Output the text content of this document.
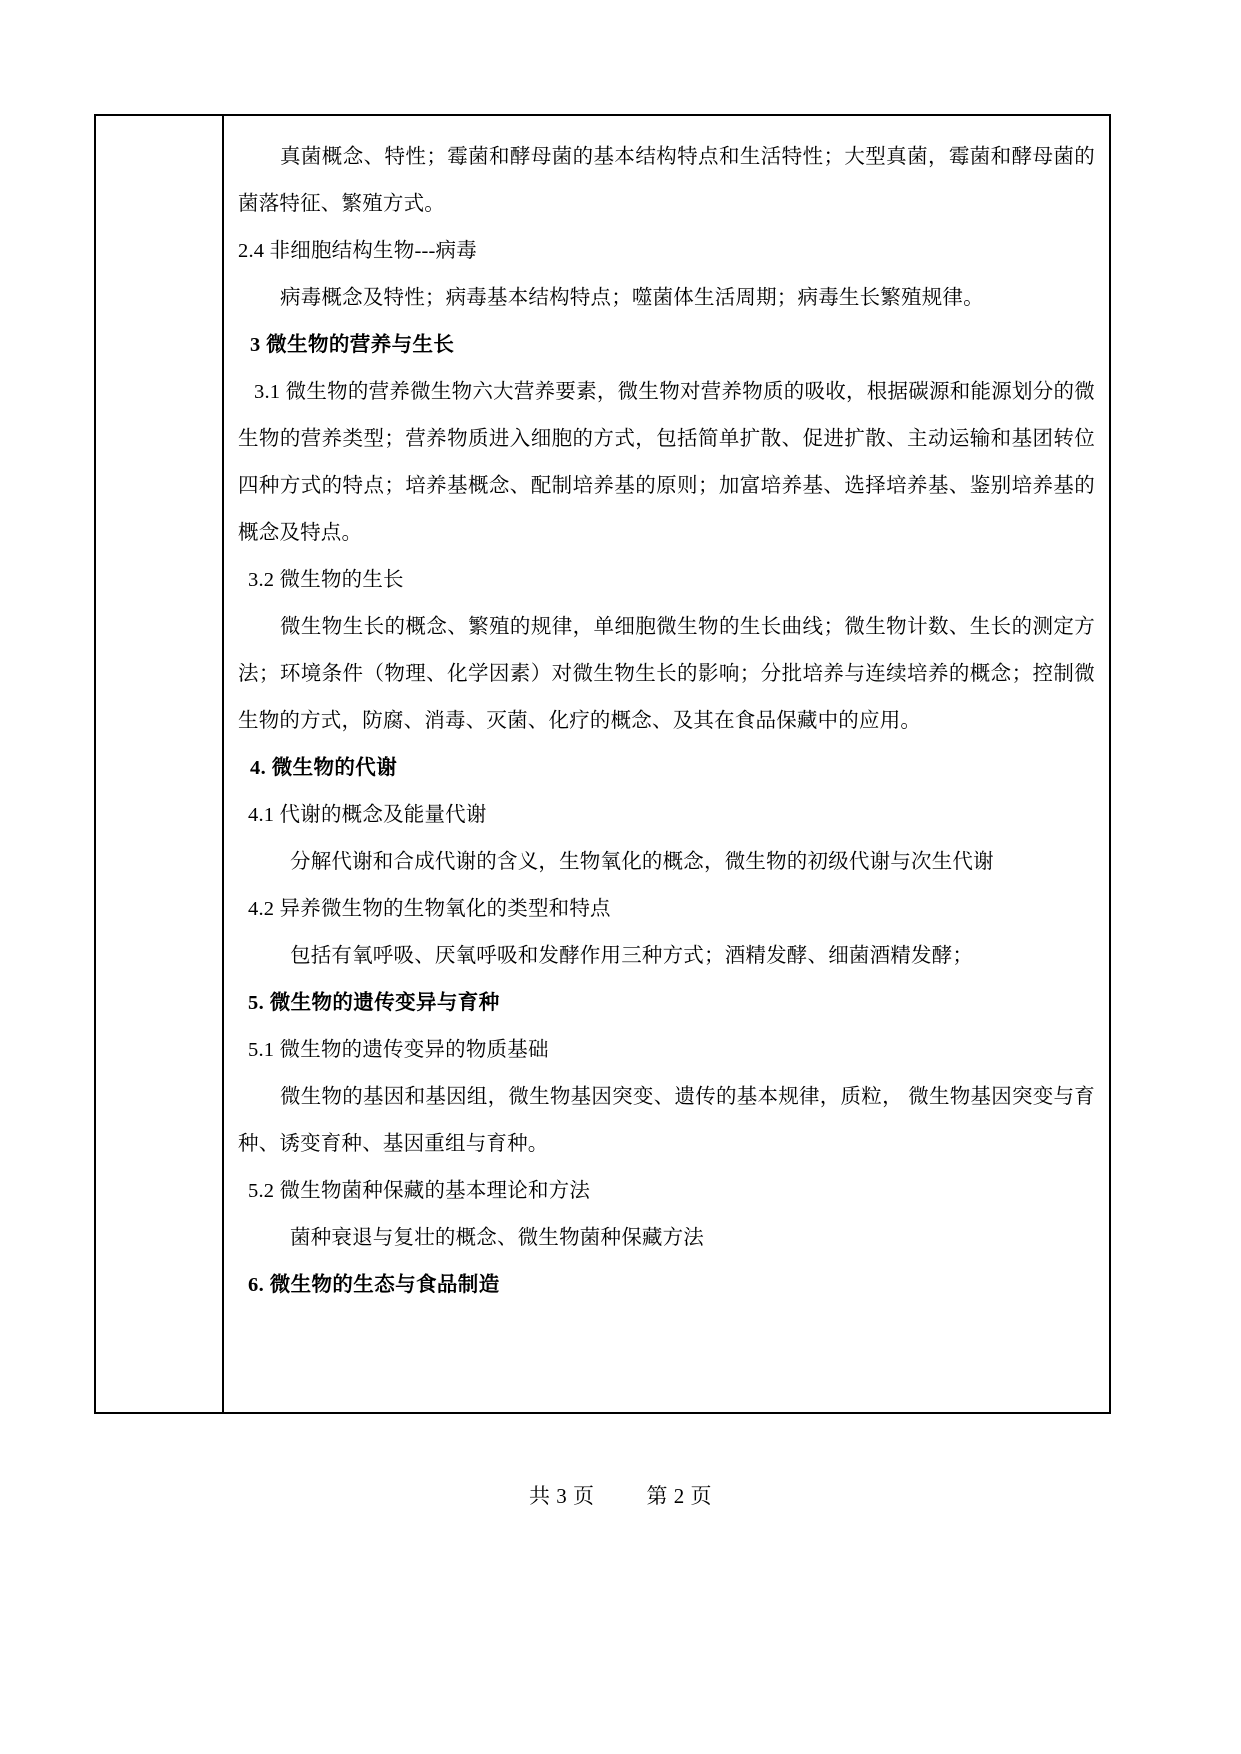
真菌概念、特性；霉菌和酵母菌的基本结构特点和生活特性；大型真菌，霉菌和酵母菌的菌落特征、繁殖方式。
2.4 非细胞结构生物---病毒
病毒概念及特性；病毒基本结构特点；噬菌体生活周期；病毒生长繁殖规律。
3 微生物的营养与生长
3.1 微生物的营养微生物六大营养要素，微生物对营养物质的吸收，根据碳源和能源划分的微生物的营养类型；营养物质进入细胞的方式，包括简单扩散、促进扩散、主动运输和基团转位四种方式的特点；培养基概念、配制培养基的原则；加富培养基、选择培养基、鉴别培养基的概念及特点。
3.2 微生物的生长
微生物生长的概念、繁殖的规律，单细胞微生物的生长曲线；微生物计数、生长的测定方法；环境条件（物理、化学因素）对微生物生长的影响；分批培养与连续培养的概念；控制微生物的方式，防腐、消毒、灭菌、化疗的概念、及其在食品保藏中的应用。
4. 微生物的代谢
4.1 代谢的概念及能量代谢
分解代谢和合成代谢的含义，生物氧化的概念，微生物的初级代谢与次生代谢
4.2 异养微生物的生物氧化的类型和特点
包括有氧呼吸、厌氧呼吸和发酵作用三种方式；酒精发酵、细菌酒精发酵；
5. 微生物的遗传变异与育种
5.1 微生物的遗传变异的物质基础
微生物的基因和基因组，微生物基因突变、遗传的基本规律，质粒， 微生物基因突变与育种、诱变育种、基因重组与育种。
5.2 微生物菌种保藏的基本理论和方法
菌种衰退与复壮的概念、微生物菌种保藏方法
6. 微生物的生态与食品制造
共 3 页 第 2 页
